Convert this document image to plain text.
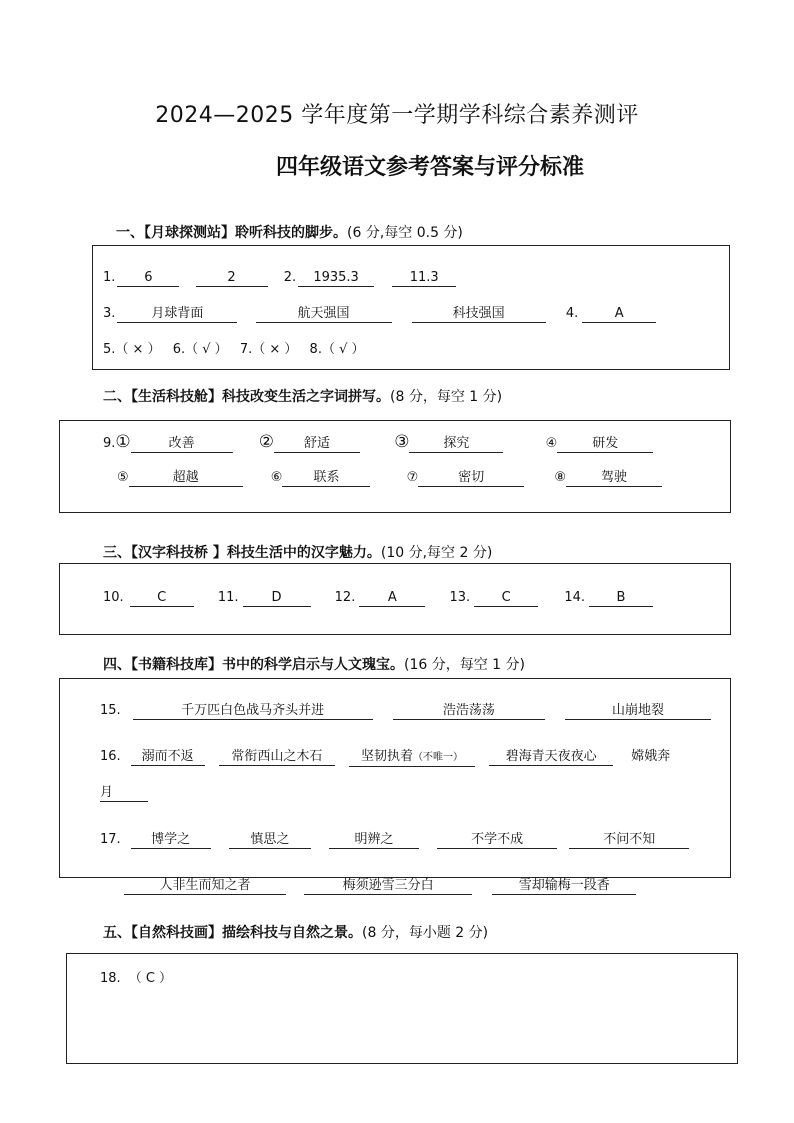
2024—2025 学年度第一学期学科综合素养测评
四年级语文参考答案与评分标准
一、【月球探测站】聆听科技的脚步。(6 分,每空 0.5 分)
1. 6	2	2. 1935.3	11.3
3.	月球背面	航天强国	科技强国	4.	A
5.（ × ） 6.（ √ ） 7.（ × ） 8.（ √ ）
二、【生活科技舱】科技改变生活之字词拼写。(8 分，每空 1 分)
9.①	改善	② 舒适	③	探究	④	研发
⑤	超越	⑥ 联系	⑦	密切	⑧	驾驶
三、【汉字科技桥 】科技生活中的汉字魅力。(10 分,每空 2 分)
10.	C	11.	D	12.	A	13. C	14. B
四、【书籍科技库】书中的科学启示与人文瑰宝。(16 分，每空 1 分)
15.	千万匹白色战马齐头并进	浩浩荡荡	山崩地裂
16. 溺而不返	常衔西山之木石	坚韧执着（不唯一）	碧海青天夜夜心	嫦娥奔
月
17. 博学之	慎思之	明辨之	不学不成	不问不知
人非生而知之者	梅须逊雪三分白	雪却输梅一段香
五、【自然科技画】描绘科技与自然之景。(8 分，每小题 2 分)
18. （ C ）
